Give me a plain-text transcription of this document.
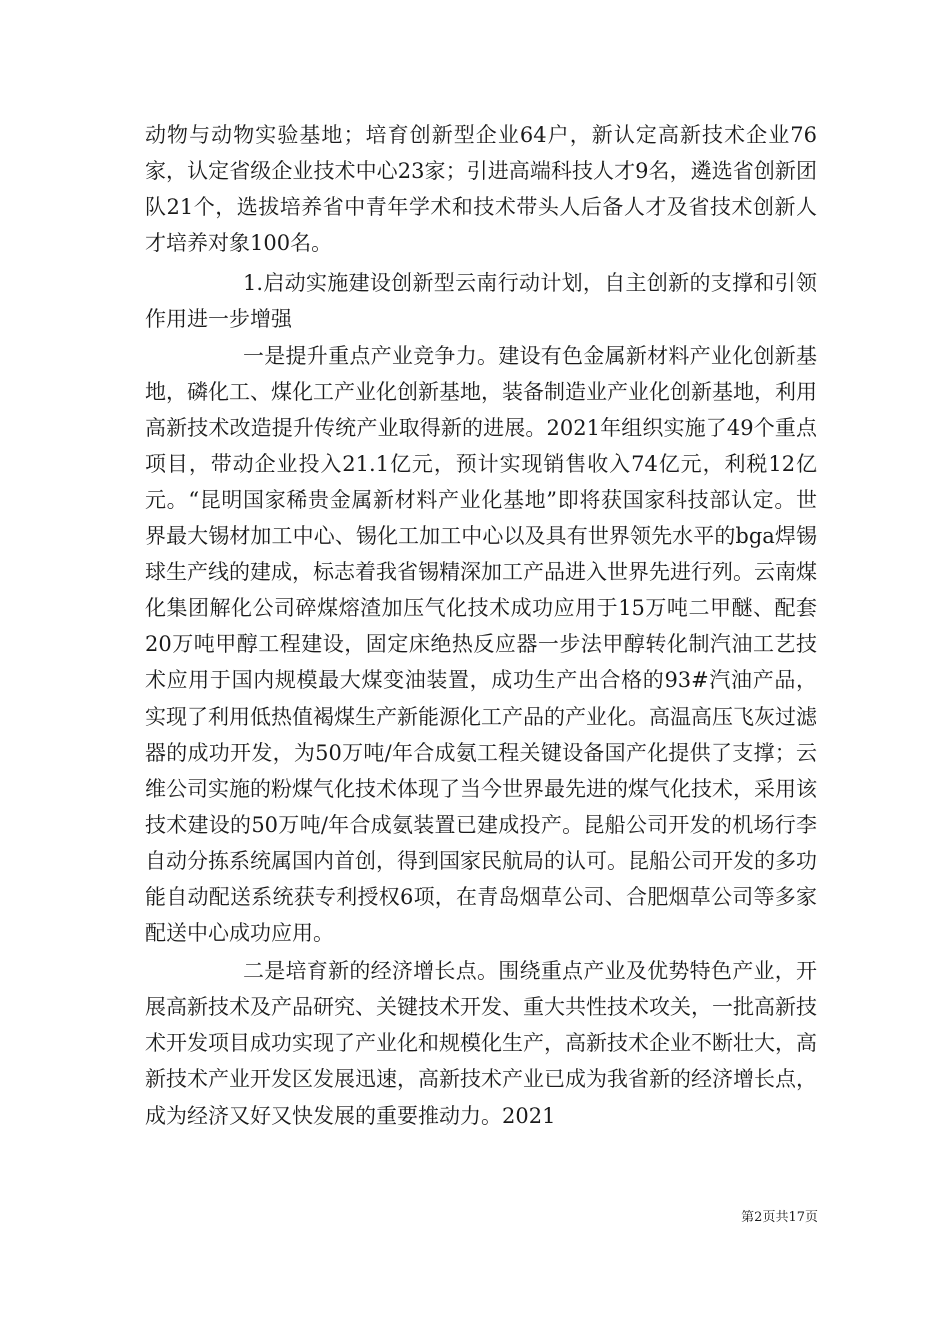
动物与动物实验基地；培育创新型企业64户，新认定高新技术企业76家，认定省级企业技术中心23家；引进高端科技人才9名，遴选省创新团队21个，选拔培养省中青年学术和技术带头人后备人才及省技术创新人才培养对象100名。

1.启动实施建设创新型云南行动计划，自主创新的支撑和引领作用进一步增强

一是提升重点产业竞争力。建设有色金属新材料产业化创新基地，磷化工、煤化工产业化创新基地，装备制造业产业化创新基地，利用高新技术改造提升传统产业取得新的进展。2021年组织实施了49个重点项目，带动企业投入21.1亿元，预计实现销售收入74亿元，利税12亿元。“昆明国家稀贵金属新材料产业化基地”即将获国家科技部认定。世界最大锡材加工中心、锡化工加工中心以及具有世界领先水平的bga焊锡球生产线的建成，标志着我省锡精深加工产品进入世界先进行列。云南煤化集团解化公司碎煤熔渣加压气化技术成功应用于15万吨二甲醚、配套20万吨甲醇工程建设，固定床绝热反应器一步法甲醇转化制汽油工艺技术应用于国内规模最大煤变油装置，成功生产出合格的93#汽油产品，实现了利用低热值褐煤生产新能源化工产品的产业化。高温高压飞灰过滤器的成功开发，为50万吨/年合成氨工程关键设备国产化提供了支撑；云维公司实施的粉煤气化技术体现了当今世界最先进的煤气化技术，采用该技术建设的50万吨/年合成氨装置已建成投产。昆船公司开发的机场行李自动分拣系统属国内首创，得到国家民航局的认可。昆船公司开发的多功能自动配送系统获专利授权6项，在青岛烟草公司、合肥烟草公司等多家配送中心成功应用。

二是培育新的经济增长点。围绕重点产业及优势特色产业，开展高新技术及产品研究、关键技术开发、重大共性技术攻关，一批高新技术开发项目成功实现了产业化和规模化生产，高新技术企业不断壮大，高新技术产业开发区发展迅速，高新技术产业已成为我省新的经济增长点，成为经济又好又快发展的重要推动力。2021

第2页共17页
